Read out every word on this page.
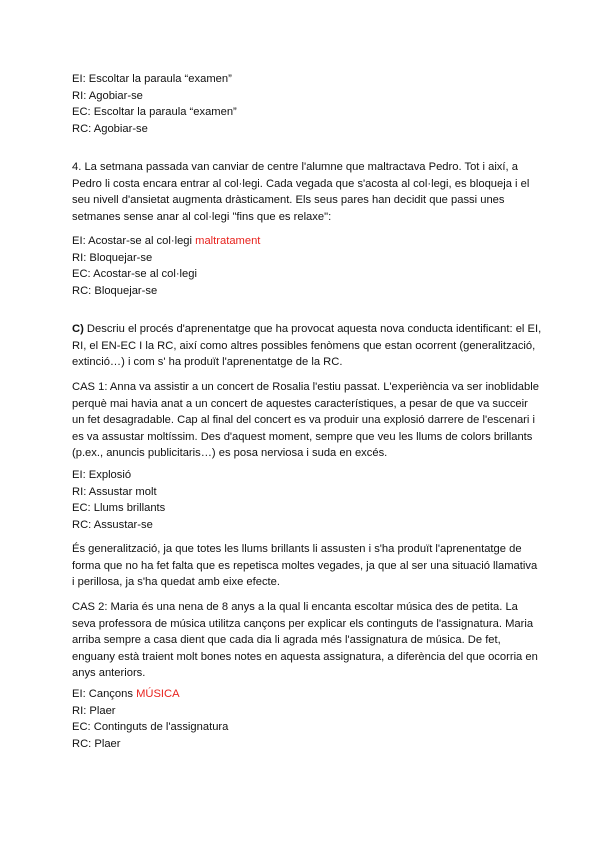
EI: Escoltar la paraula “examen”
RI: Agobiar-se
EC: Escoltar la paraula “examen”
RC: Agobiar-se

4. La setmana passada van canviar de centre l'alumne que maltractava Pedro. Tot i així, a Pedro li costa encara entrar al col·legi. Cada vegada que s'acosta al col·legi, es bloqueja i el seu nivell d'ansietat augmenta dràsticament. Els seus pares han decidit que passi unes setmanes sense anar al col·legi "fins que es relaxe":

EI: Acostar-se al col·legi maltratament
RI: Bloquejar-se
EC: Acostar-se al col·legi
RC: Bloquejar-se

C) Descriu el procés d'aprenentatge que ha provocat aquesta nova conducta identificant: el EI, RI, el EN-EC I la RC, així como altres possibles fenòmens que estan ocorrent (generalització, extinció…) i com s' ha produït l'aprenentatge de la RC.

CAS 1: Anna va assistir a un concert de Rosalia l'estiu passat. L'experiència va ser inoblidable perquè mai havia anat a un concert de aquestes característiques, a pesar de que va succeir un fet desagradable. Cap al final del concert es va produir una explosió darrere de l'escenari i es va assustar moltíssim. Des d'aquest moment, sempre que veu les llums de colors brillants (p.ex., anuncis publicitaris…) es posa nerviosa i suda en excés.

EI: Explosió
RI: Assustar molt
EC: Llums brillants
RC: Assustar-se

És generalització, ja que totes les llums brillants li assusten i s'ha produït l'aprenentatge de forma que no ha fet falta que es repetisca moltes vegades, ja que al ser una situació llamativa i perillosa, ja s'ha quedat amb eixe efecte.

CAS 2: Maria és una nena de 8 anys a la qual li encanta escoltar música des de petita. La seva professora de música utilitza cançons per explicar els continguts de l'assignatura. Maria arriba sempre a casa dient que cada dia li agrada més l'assignatura de música. De fet, enguany està traient molt bones notes en aquesta assignatura, a diferència del que ocorria en anys anteriors.

EI: Cançons MÚSICA
RI: Plaer
EC: Continguts de l'assignatura
RC: Plaer
